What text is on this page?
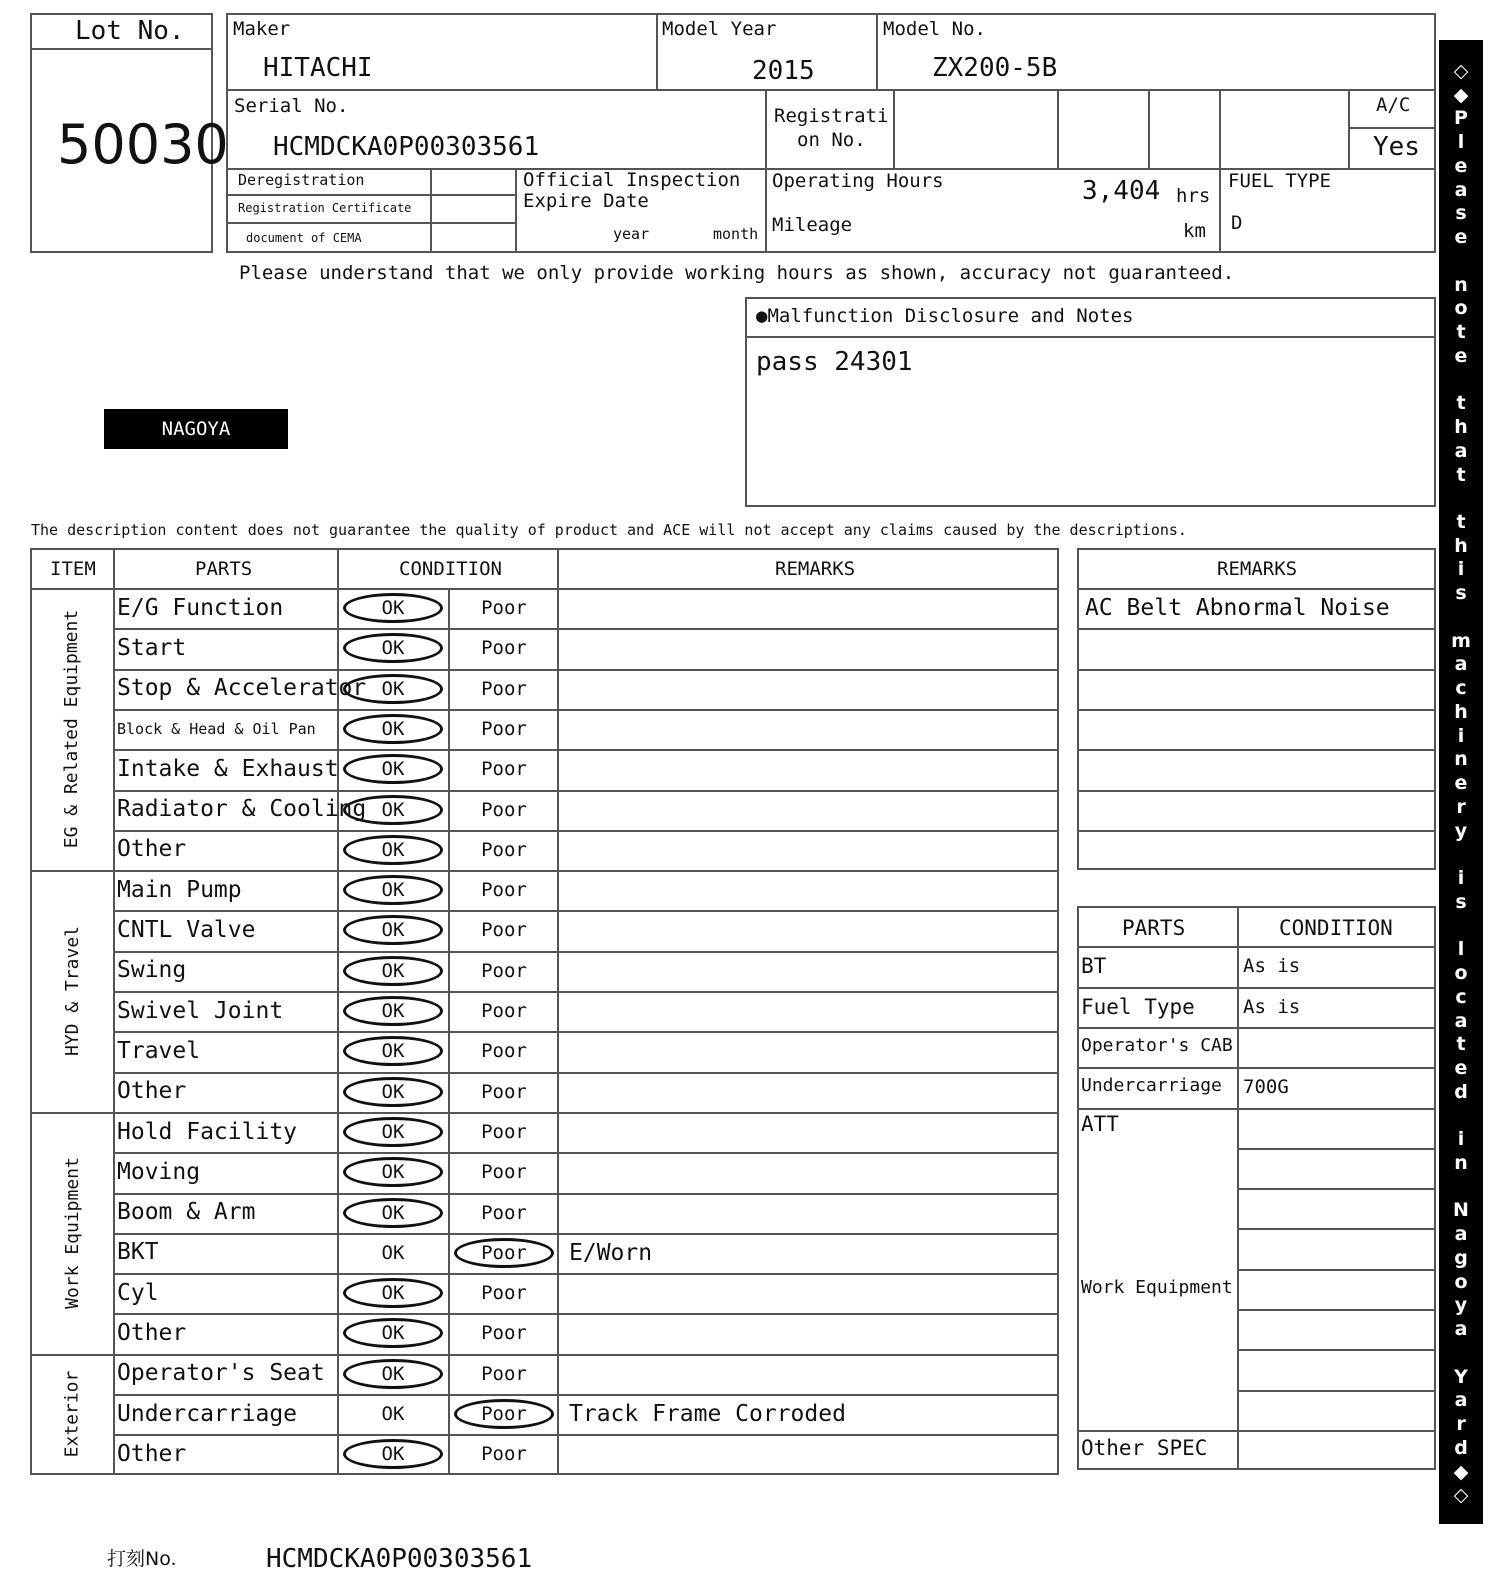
Lot No.
50030
Maker
HITACHI
Model Year
2015
Model No.
ZX200-5B
Serial No.
HCMDCKA0P00303561
Registrati
on No.
A/C
Yes
Deregistration
Registration Certificate
document of CEMA
Official Inspection
Expire Date
year	month
Operating Hours	3,404 hrs
Mileage	km
FUEL TYPE
D
Please understand that we only provide working hours as shown, accuracy not guaranteed.
●Malfunction Disclosure and Notes
pass 24301
NAGOYA
The description content does not guarantee the quality of product and ACE will not accept any claims caused by the descriptions.
ITEM	PARTS	CONDITION	REMARKS
E/G Function	OK	Poor
Start	OK	Poor
Stop & Accelerator OK	Poor
Block & Head & Oil Pan	OK	Poor
Intake & Exhaust	OK	Poor
Radiator & Cooling OK	Poor
Other	OK	Poor
EG & Related Equipment
Main Pump	OK	Poor
CNTL Valve	OK	Poor
Swing	OK	Poor
Swivel Joint	OK	Poor
Travel	OK	Poor
Other	OK	Poor
HYD & Travel
Hold Facility	OK	Poor
Moving	OK	Poor
Boom & Arm	OK	Poor
BKT	OK	Poor	E/Worn
Cyl	OK	Poor
Other	OK	Poor
Work Equipment
Operator's Seat	OK	Poor
Undercarriage	OK	Poor	Track Frame Corroded
Other	OK	Poor
Exterior
REMARKS
AC Belt Abnormal Noise
PARTS	CONDITION
BT	As is
Fuel Type	As is
Operator's CAB
Undercarriage 700G
ATT
Work Equipment
Other SPEC
◇
◆
P
l
e
a
s
e
n
o
t
e
t
h
a
t
t
h
i
s
m
a
c
h
i
n
e
r
y
i
s
l
o
c
a
t
e
d
i
n
N
a
g
o
y
a
Y
a
r
d
◆
◇
打刻No.	HCMDCKA0P00303561
